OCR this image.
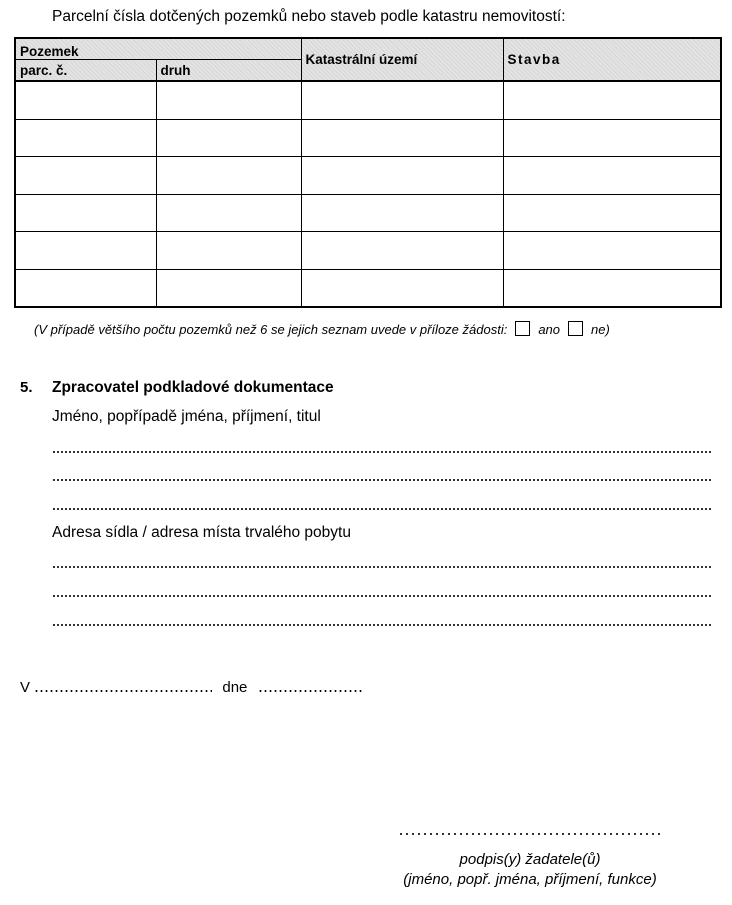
Parcelní čísla dotčených pozemků nebo staveb podle katastru nemovitostí:
Pozemek		Katastrální území	Stavba
parc. č.	druh		

(V případě většího počtu pozemků než 6 se jejich seznam uvede v příloze žádosti: ano ne)
5. Zpracovatel podkladové dokumentace
Jméno, popřípadě jména, příjmení, titul
Adresa sídla / adresa místa trvalého pobytu
V	dne
podpis(y) žadatele(ů)
(jméno, popř. jména, příjmení, funkce)
